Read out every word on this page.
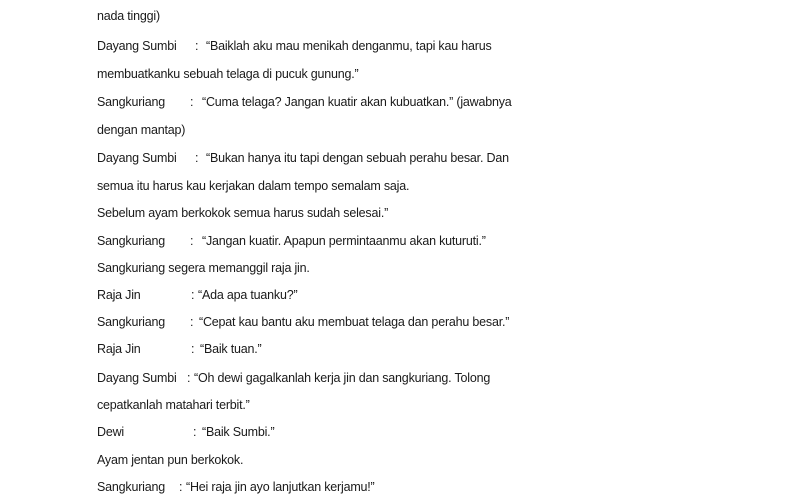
nada tinggi)
Dayang Sumbi : “Baiklah aku mau menikah denganmu, tapi kau harus
membuatkanku sebuah telaga di pucuk gunung.”
Sangkuriang : “Cuma telaga? Jangan kuatir akan kubuatkan.” (jawabnya
dengan mantap)
Dayang Sumbi : “Bukan hanya itu tapi dengan sebuah perahu besar. Dan
semua itu harus kau kerjakan dalam tempo semalam saja.
Sebelum ayam berkokok semua harus sudah selesai.”
Sangkuriang : “Jangan kuatir. Apapun permintaanmu akan kuturuti.”
Sangkuriang segera memanggil raja jin.
Raja Jin	: “Ada apa tuanku?”
Sangkuriang : “Cepat kau bantu aku membuat telaga dan perahu besar.”
Raja Jin	: “Baik tuan.”
Dayang Sumbi : “Oh dewi gagalkanlah kerja jin dan sangkuriang. Tolong
cepatkanlah matahari terbit.”
Dewi	: “Baik Sumbi.”
Ayam jentan pun berkokok.
Sangkuriang : “Hei raja jin ayo lanjutkan kerjamu!”
